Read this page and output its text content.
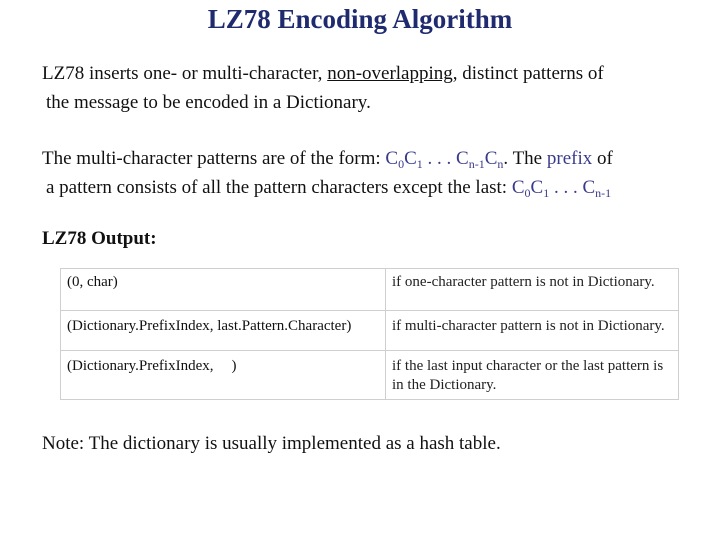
LZ78 Encoding Algorithm
LZ78 inserts one- or multi-character, non-overlapping, distinct patterns of
the message to be encoded in a Dictionary.
The multi-character patterns are of the form: $C_0C_1$ . . . $C_{n-1}C_n$. The prefix of
a pattern consists of all the pattern characters except the last: $C_0C_1$ . . . $C_{n-1}$
LZ78 Output:
(0, char)	if one-character pattern is not in Dictionary.
(Dictionary.PrefixIndex, last.Pattern.Character)	if multi-character pattern is not in Dictionary.
(Dictionary.PrefixIndex, )	if the last input character or the last pattern is in the Dictionary.
Note: The dictionary is usually implemented as a hash table.
